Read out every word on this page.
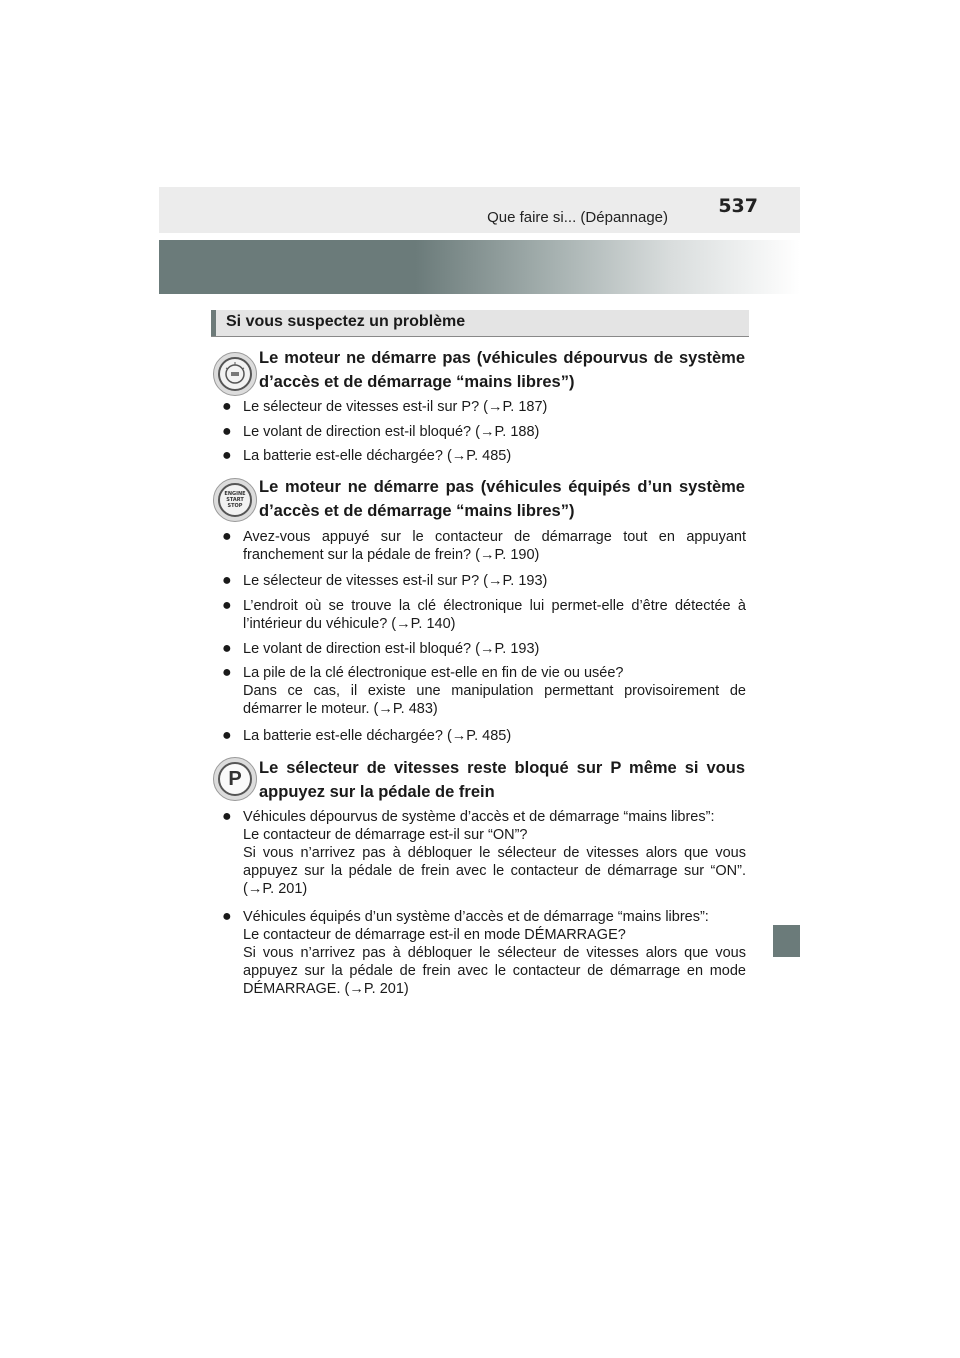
Que faire si... (Dépannage)
537
Si vous suspectez un problème
Le moteur ne démarre pas (véhicules dépourvus de système
d’accès et de démarrage “mains libres”)
● Le sélecteur de vitesses est-il sur P? (→P. 187)
● Le volant de direction est-il bloqué? (→P. 188)
● La batterie est-elle déchargée? (→P. 485)
ENGINE
START
STOP
Le moteur ne démarre pas (véhicules équipés d’un système
d’accès et de démarrage “mains libres”)
● Avez-vous appuyé sur le contacteur de démarrage tout en appuyant
franchement sur la pédale de frein? (→P. 190)
● Le sélecteur de vitesses est-il sur P? (→P. 193)
● L’endroit où se trouve la clé électronique lui permet-elle d’être détectée à
l’intérieur du véhicule? (→P. 140)
● Le volant de direction est-il bloqué? (→P. 193)
● La pile de la clé électronique est-elle en fin de vie ou usée?
Dans ce cas, il existe une manipulation permettant provisoirement de
démarrer le moteur. (→P. 483)
● La batterie est-elle déchargée? (→P. 485)
P	Le sélecteur de vitesses reste bloqué sur P même si vous
appuyez sur la pédale de frein
● Véhicules dépourvus de système d’accès et de démarrage “mains libres”:
Le contacteur de démarrage est-il sur “ON”?
Si vous n’arrivez pas à débloquer le sélecteur de vitesses alors que vous
appuyez sur la pédale de frein avec le contacteur de démarrage sur “ON”.
(→P. 201)
● Véhicules équipés d’un système d’accès et de démarrage “mains libres”:
Le contacteur de démarrage est-il en mode DÉMARRAGE?
Si vous n’arrivez pas à débloquer le sélecteur de vitesses alors que vous
appuyez sur la pédale de frein avec le contacteur de démarrage en mode
DÉMARRAGE. (→P. 201)
